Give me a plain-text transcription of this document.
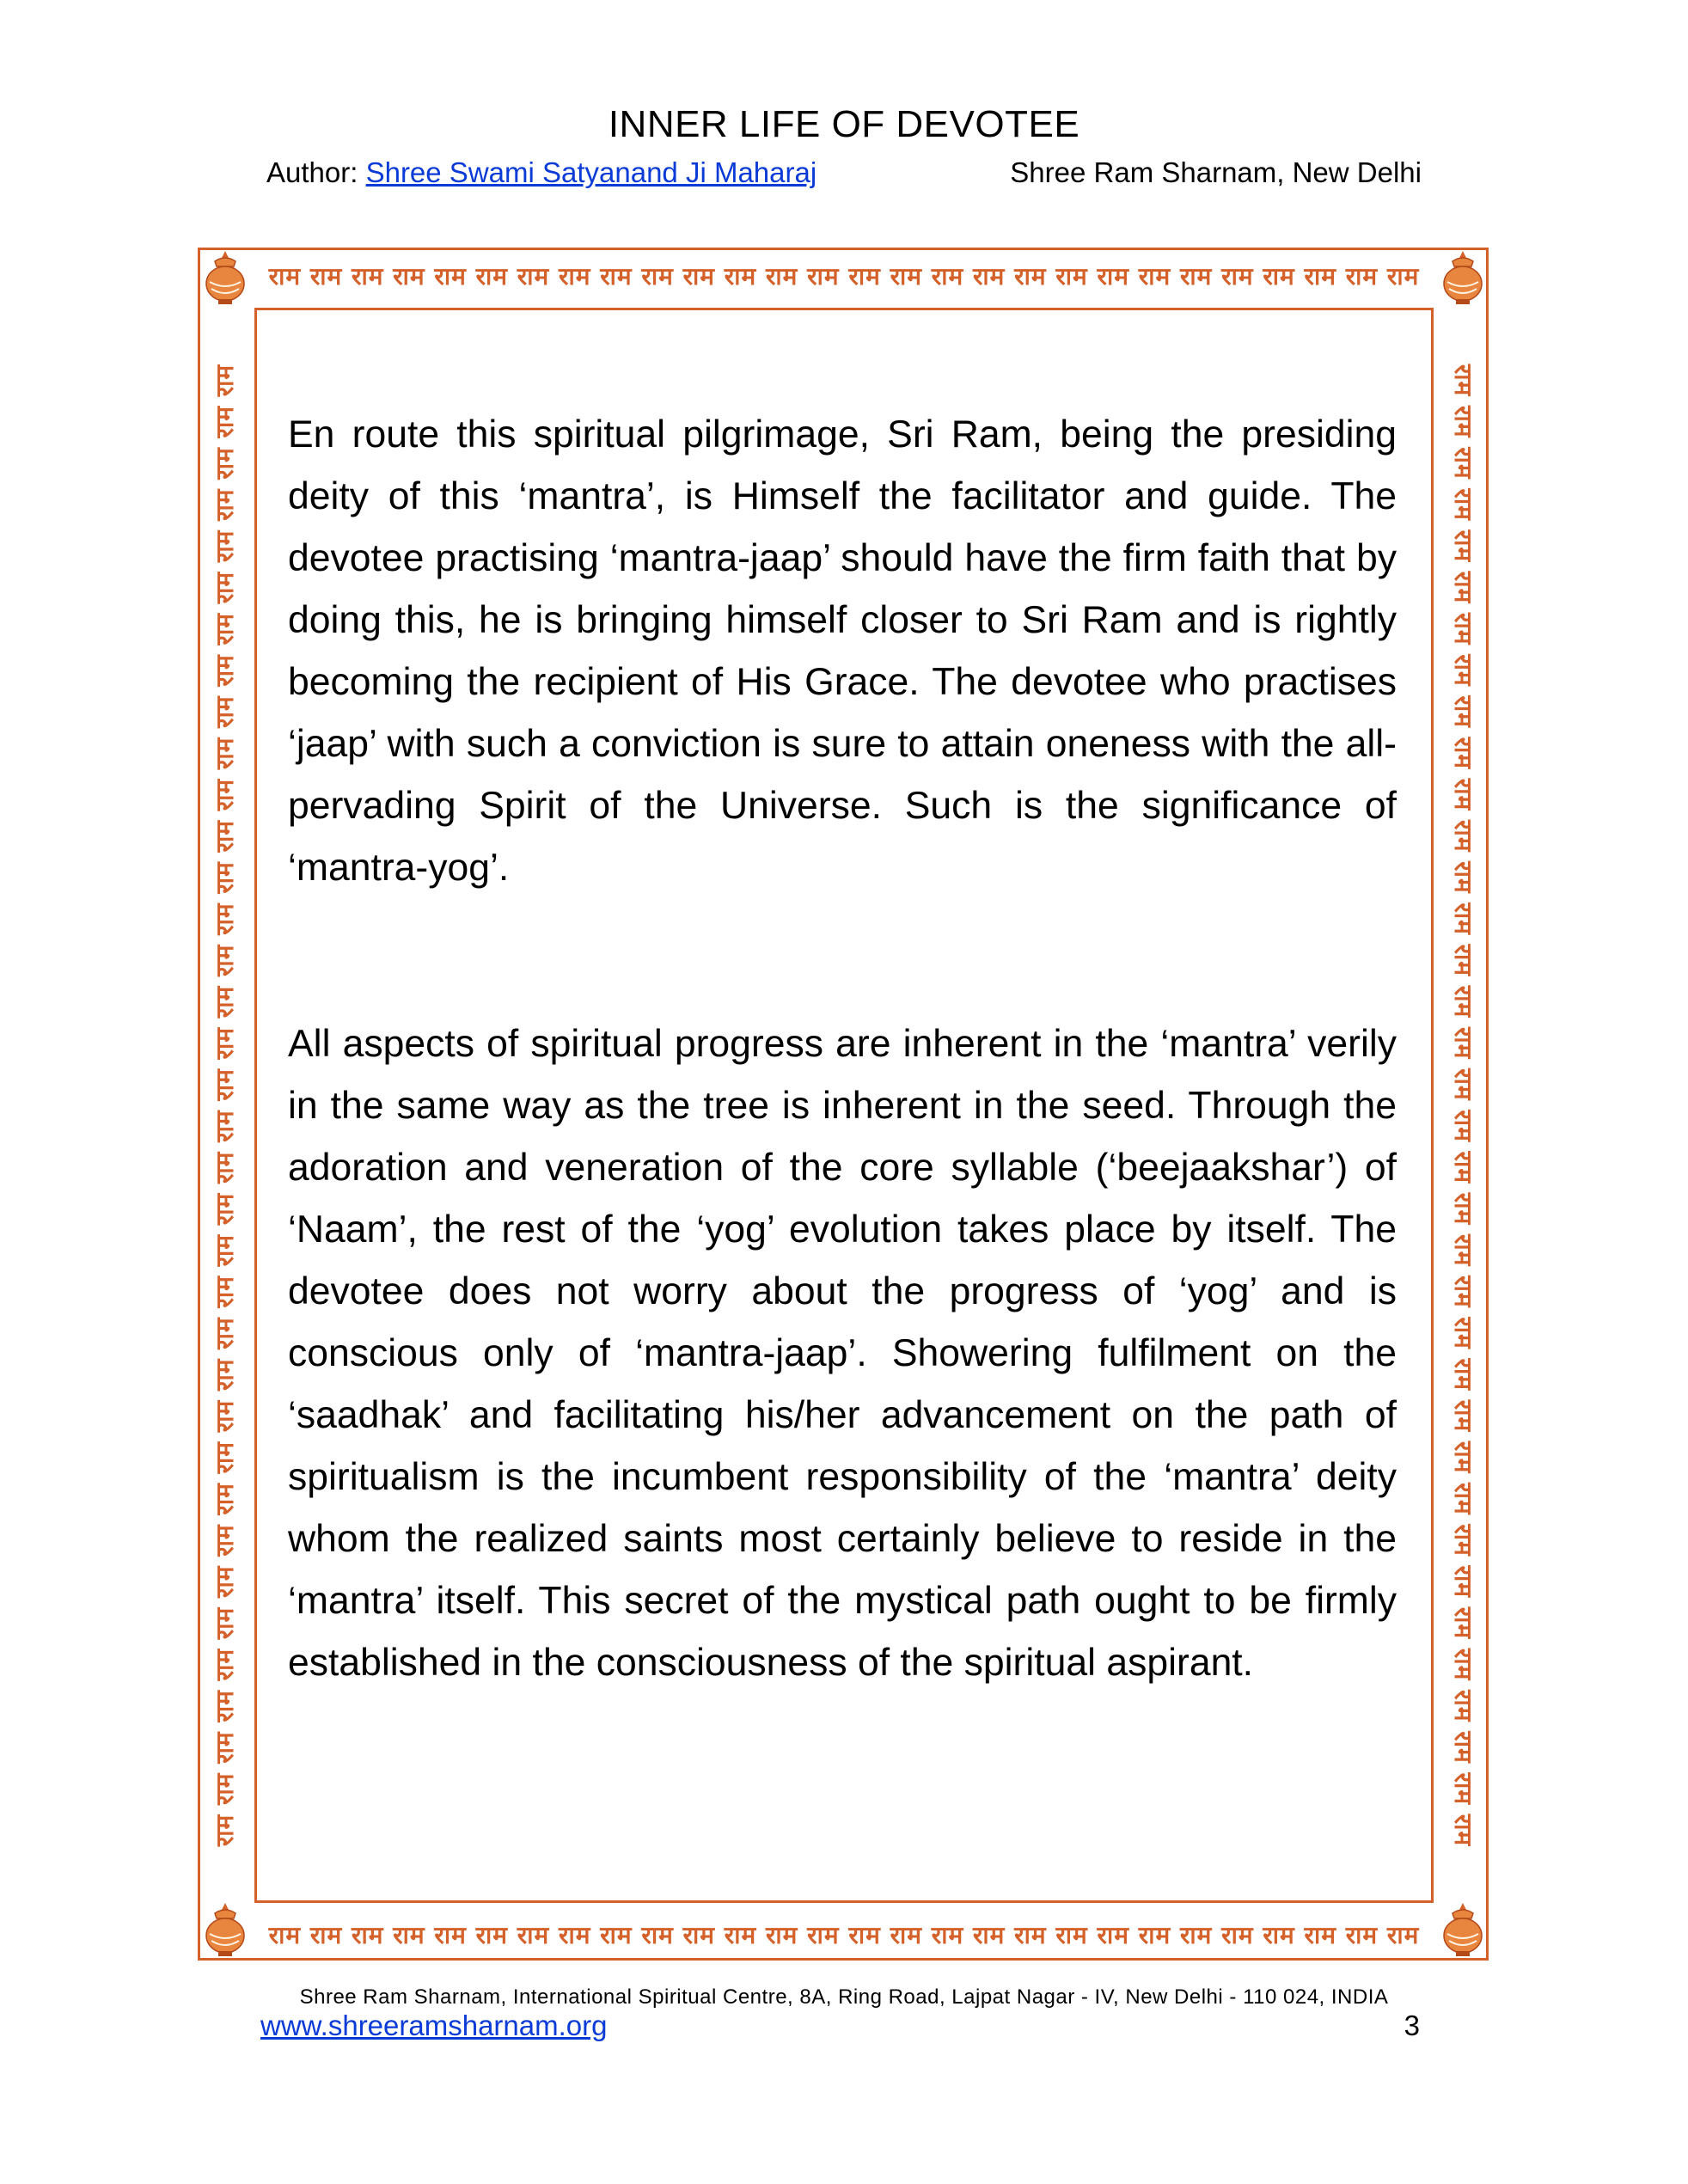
INNER LIFE OF DEVOTEE
Author: Shree Swami Satyanand Ji Maharaj	Shree Ram Sharnam, New Delhi
राम राम राम राम राम राम राम राम राम राम राम राम राम राम राम राम राम राम राम राम राम राम राम राम राम राम राम राम
राम राम राम राम राम राम राम राम राम राम राम राम राम राम राम राम राम राम राम राम राम राम राम राम राम राम राम राम
राम राम राम राम राम राम राम राम राम राम राम राम राम राम राम राम राम राम राम राम राम राम राम राम राम राम राम राम राम राम राम राम राम राम राम राम	राम राम राम राम राम राम राम राम राम राम राम राम राम राम राम राम राम राम राम राम राम राम राम राम राम राम राम राम राम राम राम राम राम राम राम राम

En route this spiritual pilgrimage, Sri Ram, being the presiding deity of this ‘mantra’, is Himself the facilitator and guide. The devotee practising ‘mantra-jaap’ should have the firm faith that by doing this, he is bringing himself closer to Sri Ram and is rightly becoming the recipient of His Grace. The devotee who practises ‘jaap’ with such a conviction is sure to attain oneness with the all-pervading Spirit of the Universe. Such is the significance of ‘mantra-yog’.

All aspects of spiritual progress are inherent in the ‘mantra’ verily in the same way as the tree is inherent in the seed. Through the adoration and veneration of the core syllable (‘beejaakshar’) of ‘Naam’, the rest of the ‘yog’ evolution takes place by itself. The devotee does not worry about the progress of ‘yog’ and is conscious only of ‘mantra-jaap’. Showering fulfilment on the ‘saadhak’ and facilitating his/her advancement on the path of spiritualism is the incumbent responsibility of the ‘mantra’ deity whom the realized saints most certainly believe to reside in the ‘mantra’ itself. This secret of the mystical path ought to be firmly established in the consciousness of the spiritual aspirant.

Shree Ram Sharnam, International Spiritual Centre, 8A, Ring Road, Lajpat Nagar - IV, New Delhi - 110 024, INDIA
www.shreeramsharnam.org	3
